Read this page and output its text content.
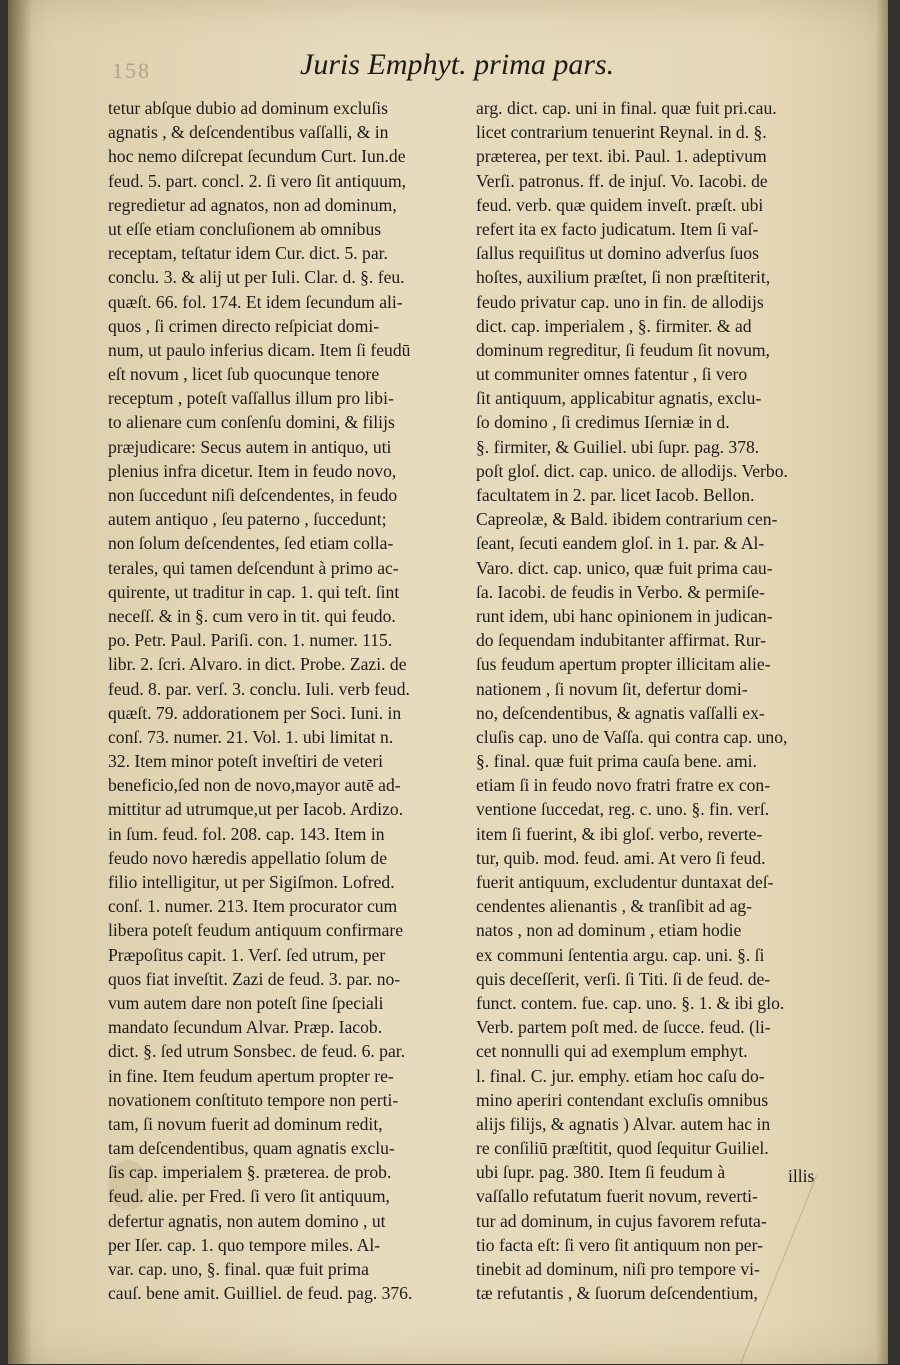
158	Juris Emphyt. prima pars.
tetur abſque dubio ad dominum excluſis
agnatis , & deſcendentibus vaſſalli, & in
hoc nemo diſcrepat ſecundum Curt. Iun.de
feud. 5. part. concl. 2. ſi vero ſit antiquum,
regredietur ad agnatos, non ad dominum,
ut eſſe etiam concluſionem ab omnibus
receptam, teſtatur idem Cur. dict. 5. par.
conclu. 3. & alij ut per Iuli. Clar. d. §. feu.
quæſt. 66. fol. 174. Et idem ſecundum ali-
quos , ſi crimen directo reſpiciat domi-
num, ut paulo inferius dicam. Item ſi feudū
eſt novum , licet ſub quocunque tenore
receptum , poteſt vaſſallus illum pro libi-
to alienare cum conſenſu domini, & filijs
præjudicare: Secus autem in antiquo, uti
plenius infra dicetur. Item in feudo novo,
non ſuccedunt niſi deſcendentes, in feudo
autem antiquo , ſeu paterno , ſuccedunt;
non ſolum deſcendentes, ſed etiam colla-
terales, qui tamen deſcendunt à primo ac-
quirente, ut traditur in cap. 1. qui teſt. ſint
neceſſ. & in §. cum vero in tit. qui feudo.
po. Petr. Paul. Pariſi. con. 1. numer. 115.
libr. 2. ſcri. Alvaro. in dict. Probe. Zazi. de
feud. 8. par. verſ. 3. conclu. Iuli. verb feud.
quæſt. 79. addorationem per Soci. Iuni. in
conſ. 73. numer. 21. Vol. 1. ubi limitat n.
32. Item minor poteſt inveſtiri de veteri
beneficio,ſed non de novo,mayor autē ad-
mittitur ad utrumque,ut per Iacob. Ardizo.
in ſum. feud. fol. 208. cap. 143. Item in
feudo novo hæredis appellatio ſolum de
filio intelligitur, ut per Sigiſmon. Lofred.
conſ. 1. numer. 213. Item procurator cum
libera poteſt feudum antiquum confirmare
Præpoſitus capit. 1. Verſ. ſed utrum, per
quos fiat inveſtit. Zazi de feud. 3. par. no-
vum autem dare non poteſt ſine ſpeciali
mandato ſecundum Alvar. Præp. Iacob.
dict. §. ſed utrum Sonsbec. de feud. 6. par.
in fine. Item feudum apertum propter re-
novationem conſtituto tempore non perti-
tam, ſi novum fuerit ad dominum redit,
tam deſcendentibus, quam agnatis exclu-
ſis cap. imperialem §. præterea. de prob.
feud. alie. per Fred. ſi vero ſit antiquum,
defertur agnatis, non autem domino , ut
per Iſer. cap. 1. quo tempore miles. Al-
var. cap. uno, §. final. quæ fuit prima
cauſ. bene amit. Guilliel. de feud. pag. 376.
arg. dict. cap. uni in final. quæ fuit pri.cau.
licet contrarium tenuerint Reynal. in d. §.
præterea, per text. ibi. Paul. 1. adeptivum
Verſi. patronus. ff. de injuſ. Vo. Iacobi. de
feud. verb. quæ quidem inveſt. præſt. ubi
refert ita ex facto judicatum. Item ſi vaſ-
ſallus requiſitus ut domino adverſus ſuos
hoſtes, auxilium præſtet, ſi non præſtiterit,
feudo privatur cap. uno in fin. de allodijs
dict. cap. imperialem , §. firmiter. & ad
dominum regreditur, ſi feudum ſit novum,
ut communiter omnes fatentur , ſi vero
ſit antiquum, applicabitur agnatis, exclu-
ſo domino , ſi credimus Iſerniæ in d.
§. firmiter, & Guiliel. ubi ſupr. pag. 378.
poſt gloſ. dict. cap. unico. de allodijs. Verbo.
facultatem in 2. par. licet Iacob. Bellon.
Capreolæ, & Bald. ibidem contrarium cen-
ſeant, ſecuti eandem gloſ. in 1. par. & Al-
Varo. dict. cap. unico, quæ fuit prima cau-
ſa. Iacobi. de feudis in Verbo. & permiſe-
runt idem, ubi hanc opinionem in judican-
do ſequendam indubitanter affirmat. Rur-
ſus feudum apertum propter illicitam alie-
nationem , ſi novum ſit, defertur domi-
no, deſcendentibus, & agnatis vaſſalli ex-
cluſis cap. uno de Vaſſa. qui contra cap. uno,
§. final. quæ fuit prima cauſa bene. ami.
etiam ſi in feudo novo fratri fratre ex con-
ventione ſuccedat, reg. c. uno. §. fin. verſ.
item ſi fuerint, & ibi gloſ. verbo, reverte-
tur, quib. mod. feud. ami. At vero ſi feud.
fuerit antiquum, excludentur duntaxat deſ-
cendentes alienantis , & tranſibit ad ag-
natos , non ad dominum , etiam hodie
ex communi ſententia argu. cap. uni. §. ſi
quis deceſſerit, verſi. ſi Titi. ſi de feud. de-
funct. contem. fue. cap. uno. §. 1. & ibi glo.
Verb. partem poſt med. de ſucce. feud. (li-
cet nonnulli qui ad exemplum emphyt.
l. final. C. jur. emphy. etiam hoc caſu do-
mino aperiri contendant excluſis omnibus
alijs filijs, & agnatis ) Alvar. autem hac in
re conſiliū præſtitit, quod ſequitur Guiliel.
ubi ſupr. pag. 380. Item ſi feudum à
vaſſallo refutatum fuerit novum, reverti-
tur ad dominum, in cujus favorem refuta-
tio facta eſt: ſi vero ſit antiquum non per-
tinebit ad dominum, niſi pro tempore vi-
tæ refutantis , & ſuorum deſcendentium,
illis
